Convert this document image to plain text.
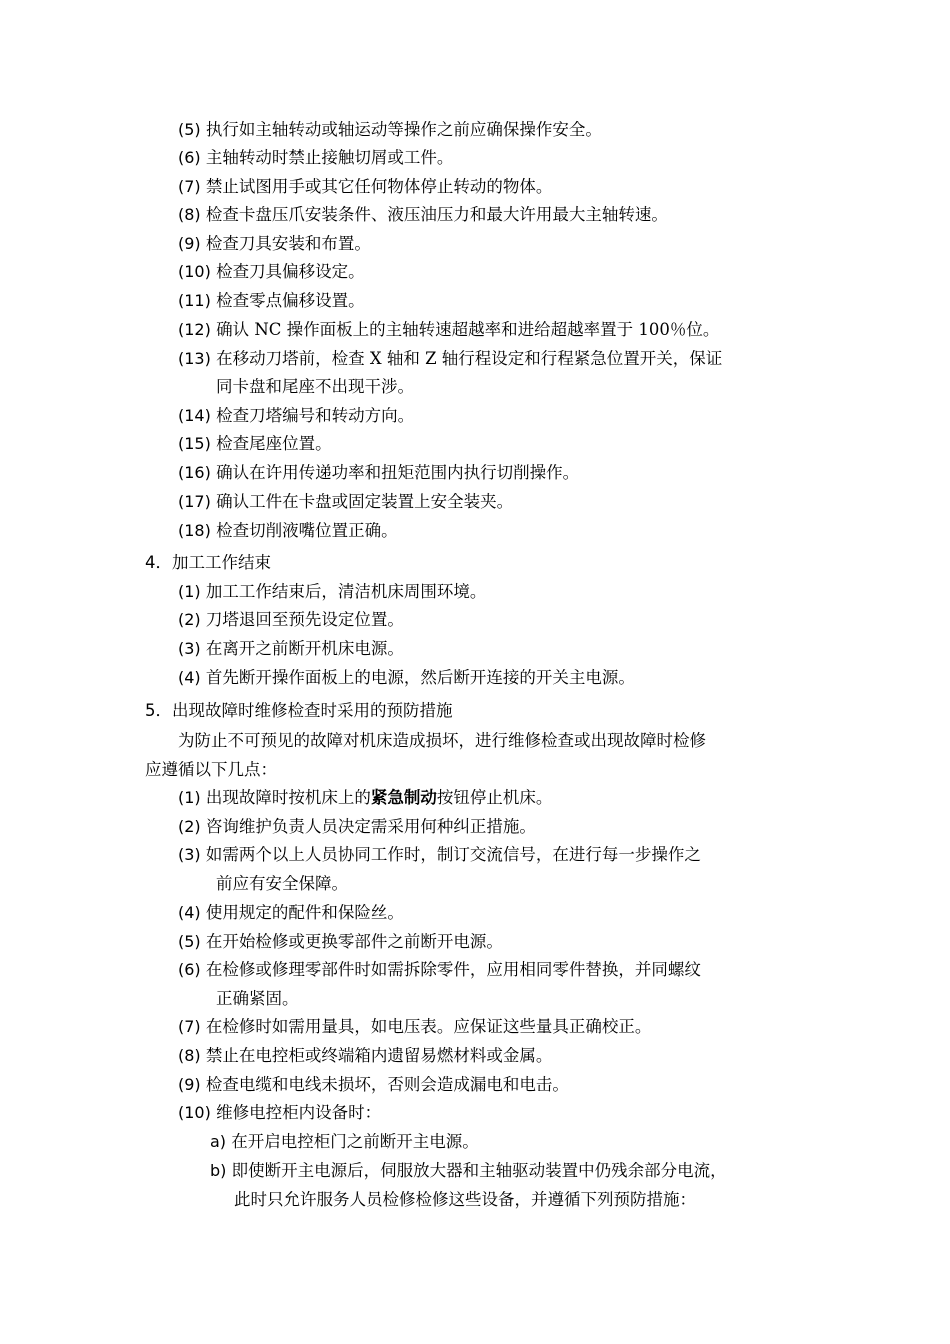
(5) 执行如主轴转动或轴运动等操作之前应确保操作安全。
(6) 主轴转动时禁止接触切屑或工件。
(7) 禁止试图用手或其它任何物体停止转动的物体。
(8) 检查卡盘压爪安装条件、液压油压力和最大许用最大主轴转速。
(9) 检查刀具安装和布置。
(10) 检查刀具偏移设定。
(11) 检查零点偏移设置。
(12) 确认 NC 操作面板上的主轴转速超越率和进给超越率置于 100％位。
(13) 在移动刀塔前，检查 X 轴和 Z 轴行程设定和行程紧急位置开关，保证
同卡盘和尾座不出现干涉。
(14) 检查刀塔编号和转动方向。
(15) 检查尾座位置。
(16) 确认在许用传递功率和扭矩范围内执行切削操作。
(17) 确认工件在卡盘或固定装置上安全装夹。
(18) 检查切削液嘴位置正确。
4．加工工作结束
(1) 加工工作结束后，清洁机床周围环境。
(2) 刀塔退回至预先设定位置。
(3) 在离开之前断开机床电源。
(4) 首先断开操作面板上的电源，然后断开连接的开关主电源。
5．出现故障时维修检查时采用的预防措施
为防止不可预见的故障对机床造成损坏，进行维修检查或出现故障时检修
应遵循以下几点：
(1) 出现故障时按机床上的紧急制动按钮停止机床。
(2) 咨询维护负责人员决定需采用何种纠正措施。
(3) 如需两个以上人员协同工作时，制订交流信号，在进行每一步操作之
前应有安全保障。
(4) 使用规定的配件和保险丝。
(5) 在开始检修或更换零部件之前断开电源。
(6) 在检修或修理零部件时如需拆除零件，应用相同零件替换，并同螺纹
正确紧固。
(7) 在检修时如需用量具，如电压表。应保证这些量具正确校正。
(8) 禁止在电控柜或终端箱内遗留易燃材料或金属。
(9) 检查电缆和电线未损坏，否则会造成漏电和电击。
(10) 维修电控柜内设备时：
a) 在开启电控柜门之前断开主电源。
b) 即使断开主电源后，伺服放大器和主轴驱动装置中仍残余部分电流，
此时只允许服务人员检修检修这些设备，并遵循下列预防措施：
